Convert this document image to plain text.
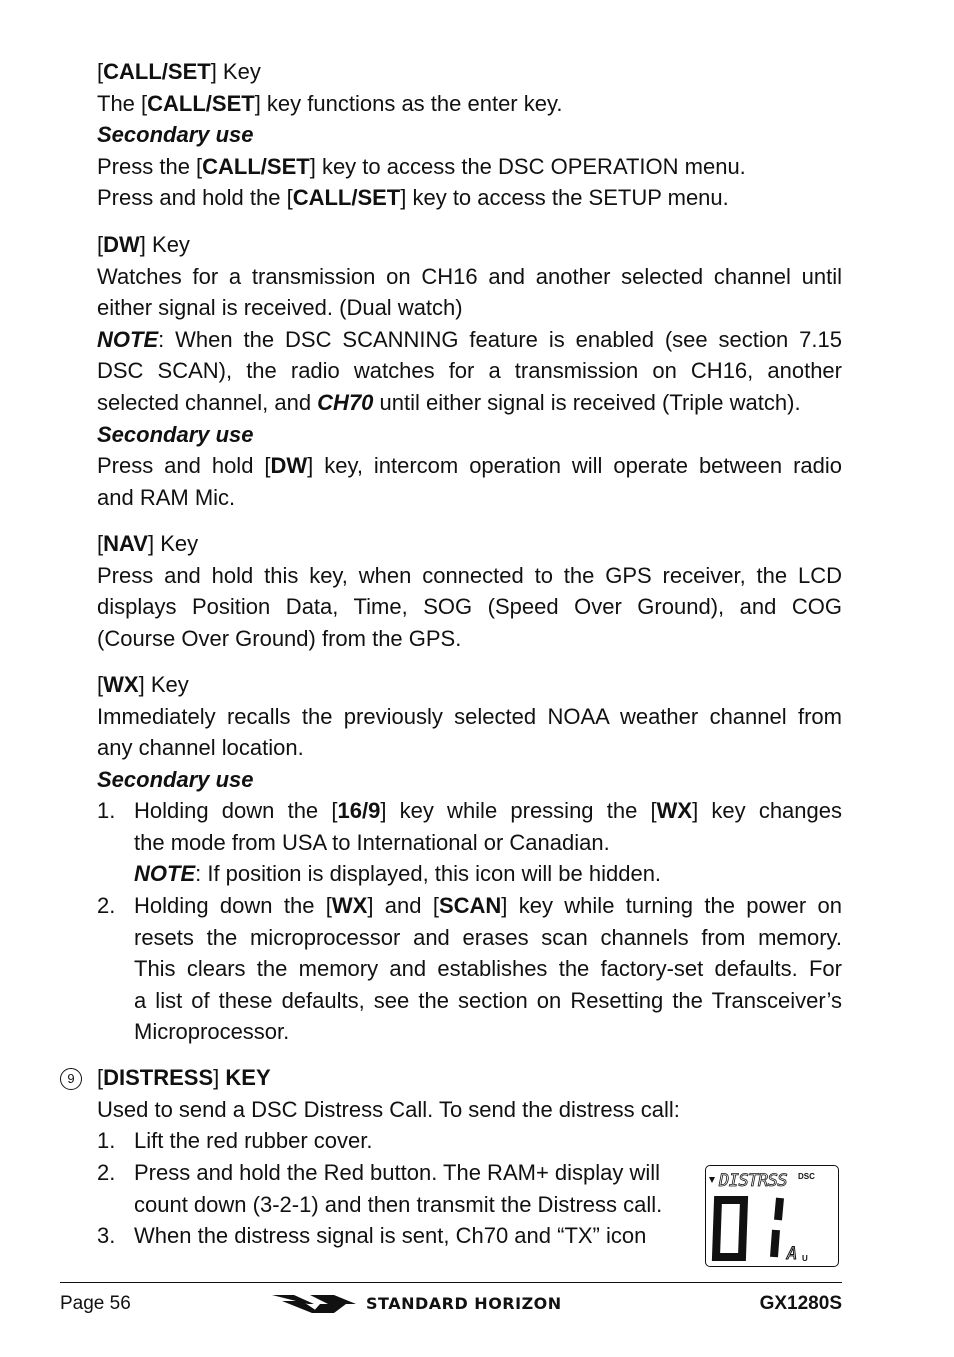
[CALL/SET] Key
The [CALL/SET] key functions as the enter key.
Secondary use
Press the [CALL/SET] key to access the DSC OPERATION menu.
Press and hold the [CALL/SET] key to access the SETUP menu.
[DW] Key
Watches for a transmission on CH16 and another selected channel until
either signal is received. (Dual watch)
NOTE: When the DSC SCANNING feature is enabled (see section 7.15
DSC SCAN), the radio watches for a transmission on CH16, another
selected channel, and CH70 until either signal is received (Triple watch).
Secondary use
Press and hold [DW] key, intercom operation will operate between radio
and RAM Mic.
[NAV] Key
Press and hold this key, when connected to the GPS receiver, the LCD
displays Position Data, Time, SOG (Speed Over Ground), and COG
(Course Over Ground) from the GPS.
[WX] Key
Immediately recalls the previously selected NOAA weather channel from
any channel location.
Secondary use
1. Holding down the [16/9] key while pressing the [WX] key changes
the mode from USA to International or Canadian.
NOTE: If position is displayed, this icon will be hidden.
2. Holding down the [WX] and [SCAN] key while turning the power on
resets the microprocessor and erases scan channels from memory.
This clears the memory and establishes the factory-set defaults. For
a list of these defaults, see the section on Resetting the Transceiver’s
Microprocessor.
9	[DISTRESS] KEY
Used to send a DSC Distress Call. To send the distress call:
1. Lift the red rubber cover.
2. Press and hold the Red button. The RAM+ display will
count down (3-2-1) and then transmit the Distress call.
3. When the distress signal is sent, Ch70 and “TX” icon
DISTRSS DSC
A U
Page 56	STANDARD HORIZON	GX1280S
